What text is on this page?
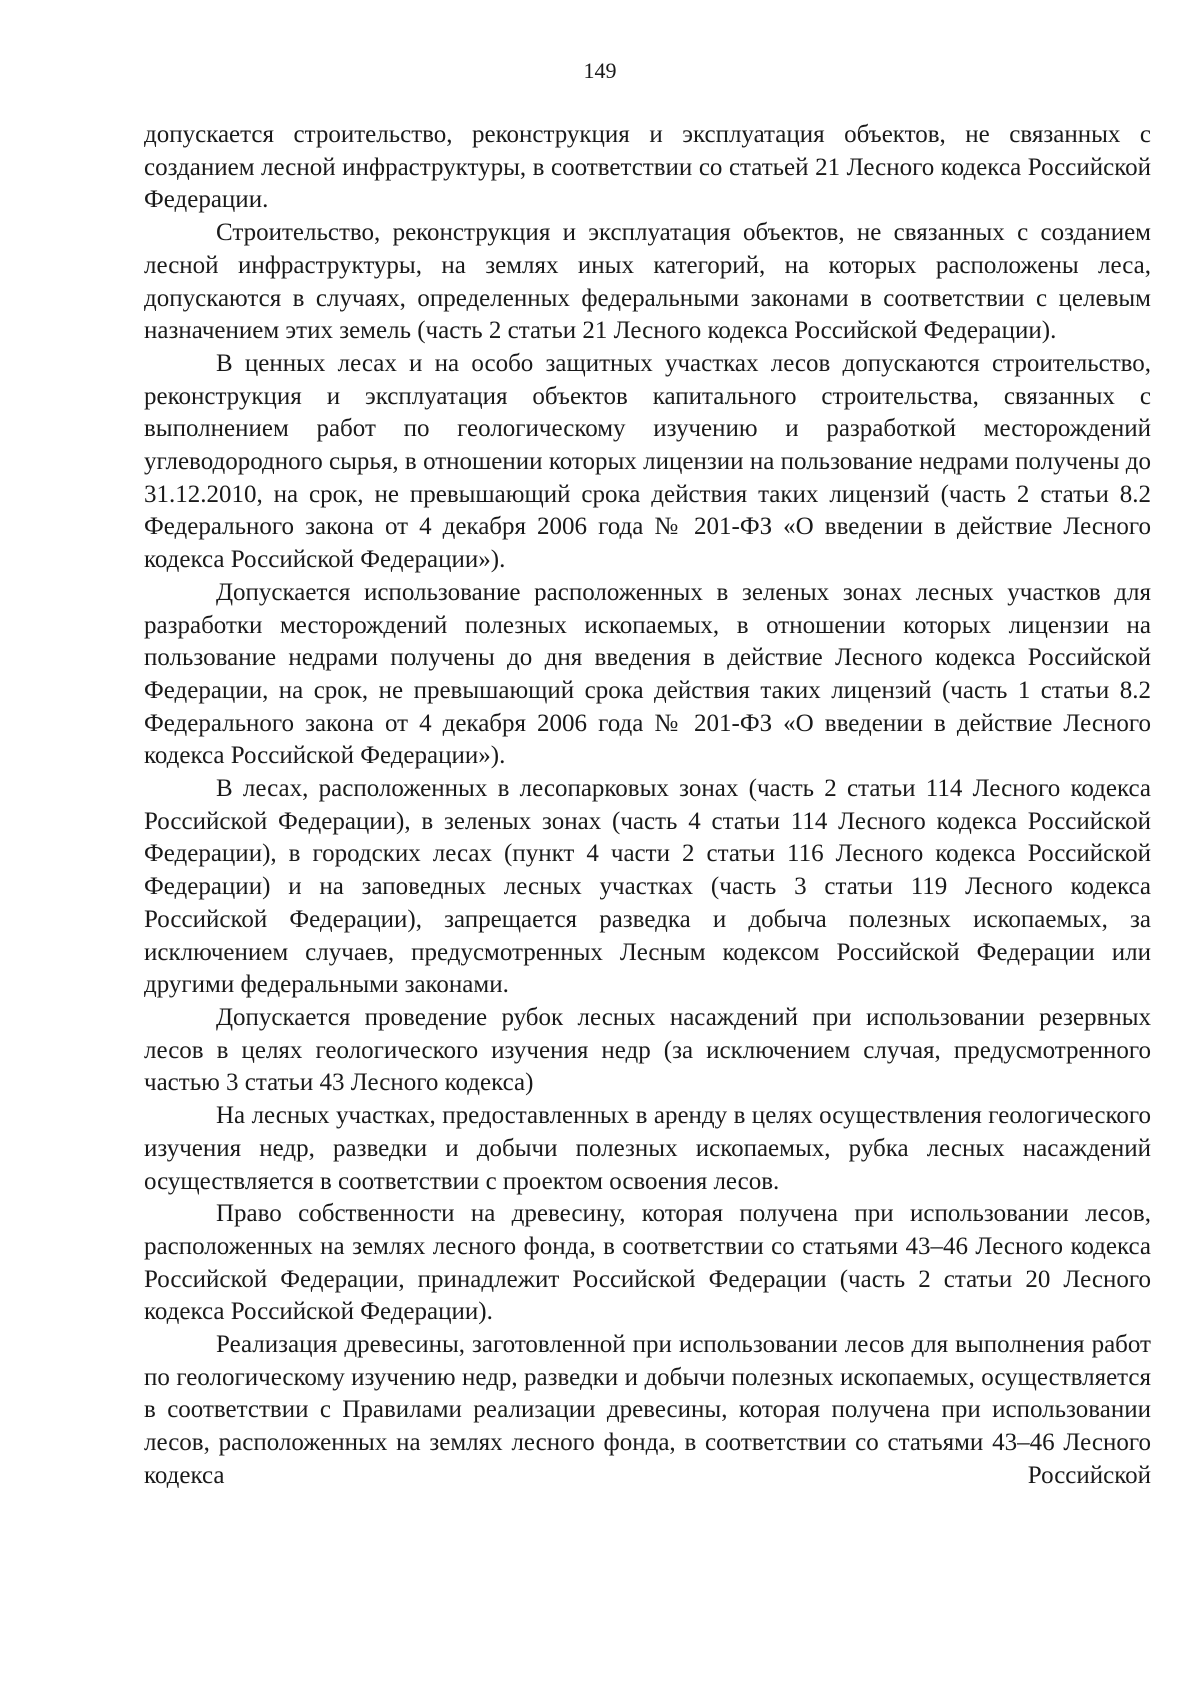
149

допускается строительство, реконструкция и эксплуатация объектов, не связанных с созданием лесной инфраструктуры, в соответствии со статьей 21 Лесного кодекса Российской Федерации.

Строительство, реконструкция и эксплуатация объектов, не связанных с созданием лесной инфраструктуры, на землях иных категорий, на которых расположены леса, допускаются в случаях, определенных федеральными законами в соответствии с целевым назначением этих земель (часть 2 статьи 21 Лесного кодекса Российской Федерации).

В ценных лесах и на особо защитных участках лесов допускаются строительство, реконструкция и эксплуатация объектов капитального строительства, связанных с выполнением работ по геологическому изучению и разработкой месторождений углеводородного сырья, в отношении которых лицензии на пользование недрами получены до 31.12.2010, на срок, не превышающий срока действия таких лицензий (часть 2 статьи 8.2 Федерального закона от 4 декабря 2006 года № 201-ФЗ «О введении в действие Лесного кодекса Российской Федерации»).

Допускается использование расположенных в зеленых зонах лесных участков для разработки месторождений полезных ископаемых, в отношении которых лицензии на пользование недрами получены до дня введения в действие Лесного кодекса Российской Федерации, на срок, не превышающий срока действия таких лицензий (часть 1 статьи 8.2 Федерального закона от 4 декабря 2006 года № 201-ФЗ «О введении в действие Лесного кодекса Российской Федерации»).

В лесах, расположенных в лесопарковых зонах (часть 2 статьи 114 Лесного кодекса Российской Федерации), в зеленых зонах (часть 4 статьи 114 Лесного кодекса Российской Федерации), в городских лесах (пункт 4 части 2 статьи 116 Лесного кодекса Российской Федерации) и на заповедных лесных участках (часть 3 статьи 119 Лесного кодекса Российской Федерации), запрещается разведка и добыча полезных ископаемых, за исключением случаев, предусмотренных Лесным кодексом Российской Федерации или другими федеральными законами.

Допускается проведение рубок лесных насаждений при использовании резервных лесов в целях геологического изучения недр (за исключением случая, предусмотренного частью 3 статьи 43 Лесного кодекса)

На лесных участках, предоставленных в аренду в целях осуществления геологического изучения недр, разведки и добычи полезных ископаемых, рубка лесных насаждений осуществляется в соответствии с проектом освоения лесов.

Право собственности на древесину, которая получена при использовании лесов, расположенных на землях лесного фонда, в соответствии со статьями 43–46 Лесного кодекса Российской Федерации, принадлежит Российской Федерации (часть 2 статьи 20 Лесного кодекса Российской Федерации).

Реализация древесины, заготовленной при использовании лесов для выполнения работ по геологическому изучению недр, разведки и добычи полезных ископаемых, осуществляется в соответствии с Правилами реализации древесины, которая получена при использовании лесов, расположенных на землях лесного фонда, в соответствии со статьями 43–46 Лесного кодекса Российской
